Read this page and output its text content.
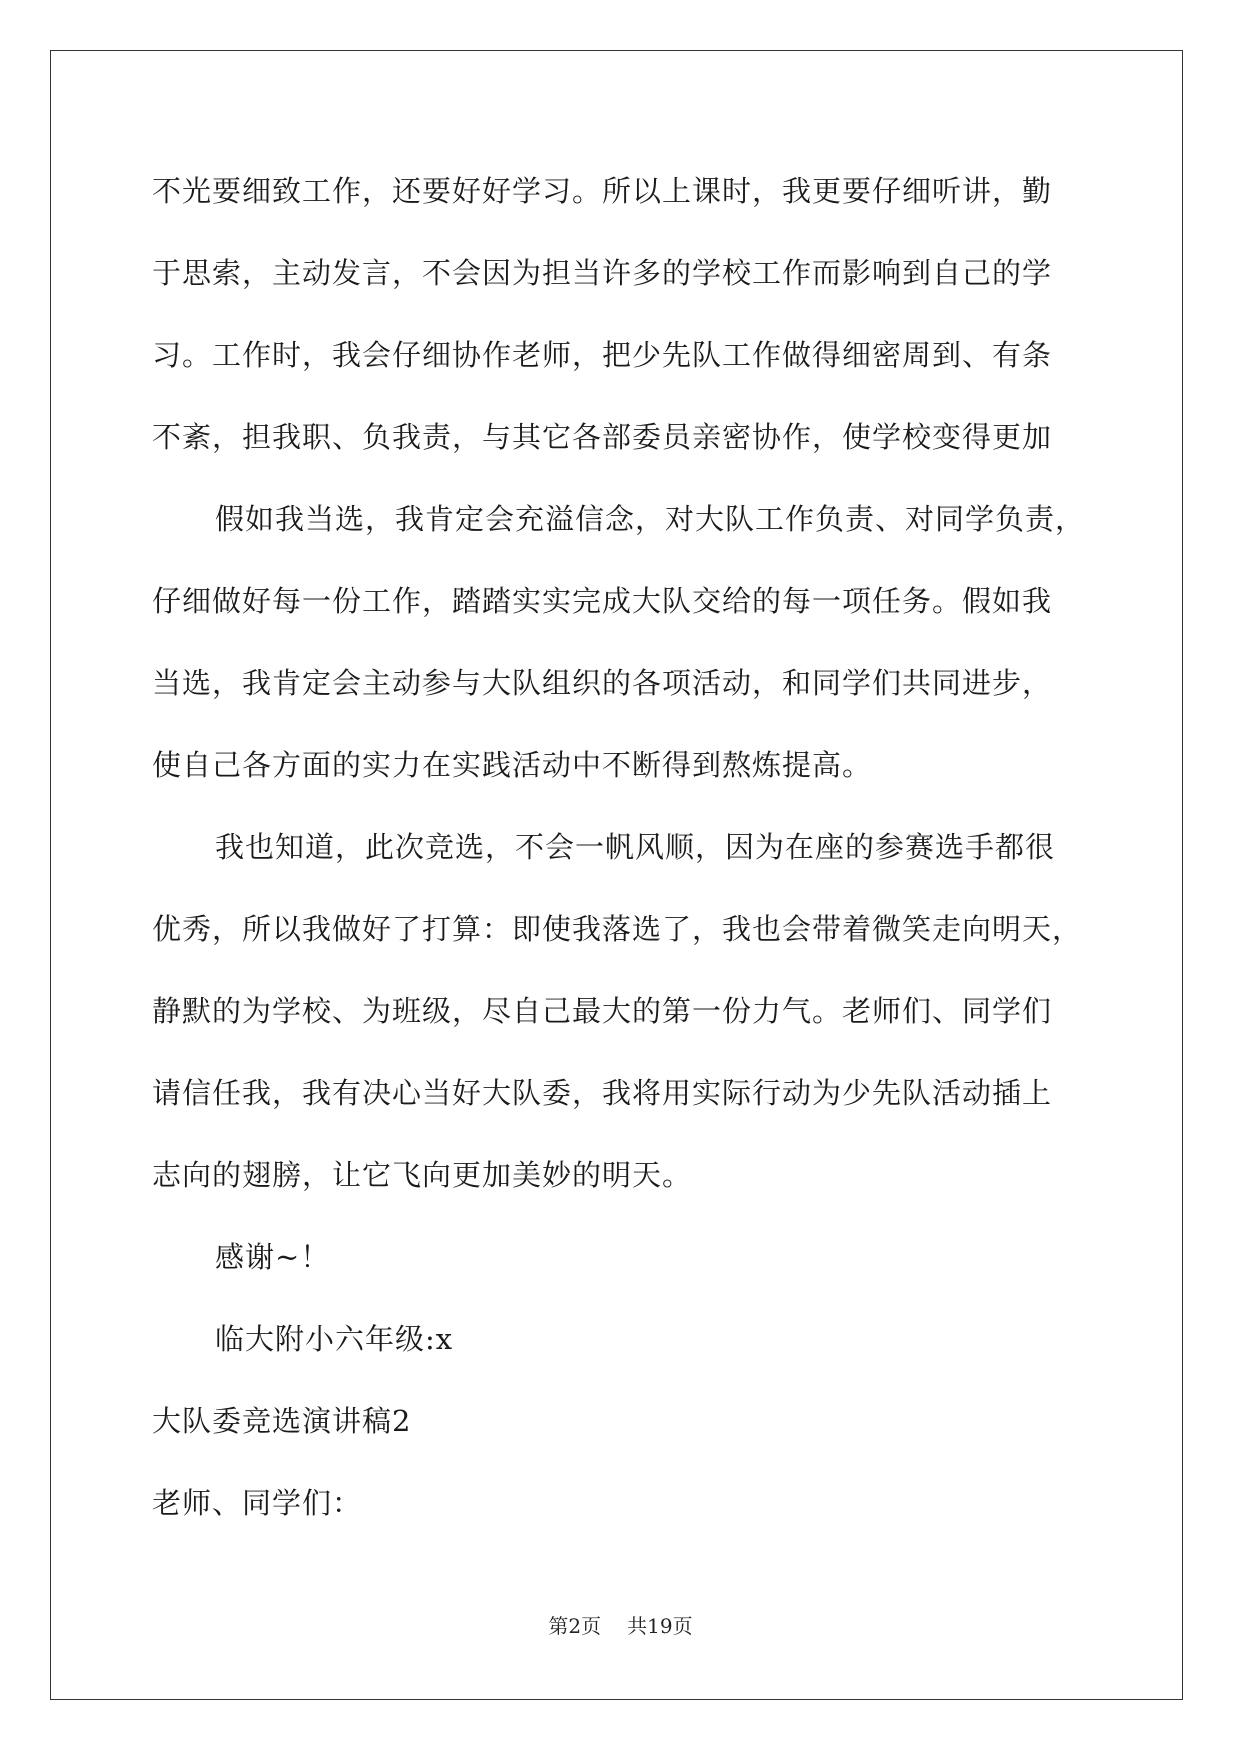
不光要细致工作，还要好好学习。所以上课时，我更要仔细听讲，勤
于思索，主动发言，不会因为担当许多的学校工作而影响到自己的学
习。工作时，我会仔细协作老师，把少先队工作做得细密周到、有条
不紊，担我职、负我责，与其它各部委员亲密协作，使学校变得更加
假如我当选，我肯定会充溢信念，对大队工作负责、对同学负责，
仔细做好每一份工作，踏踏实实完成大队交给的每一项任务。假如我
当选，我肯定会主动参与大队组织的各项活动，和同学们共同进步，
使自己各方面的实力在实践活动中不断得到熬炼提高。
我也知道，此次竞选，不会一帆风顺，因为在座的参赛选手都很
优秀，所以我做好了打算：即使我落选了，我也会带着微笑走向明天，
静默的为学校、为班级，尽自己最大的第一份力气。老师们、同学们
请信任我，我有决心当好大队委，我将用实际行动为少先队活动插上
志向的翅膀，让它飞向更加美妙的明天。
感谢~！
临大附小六年级:x
大队委竞选演讲稿2
老师、同学们：
第2页 共19页
